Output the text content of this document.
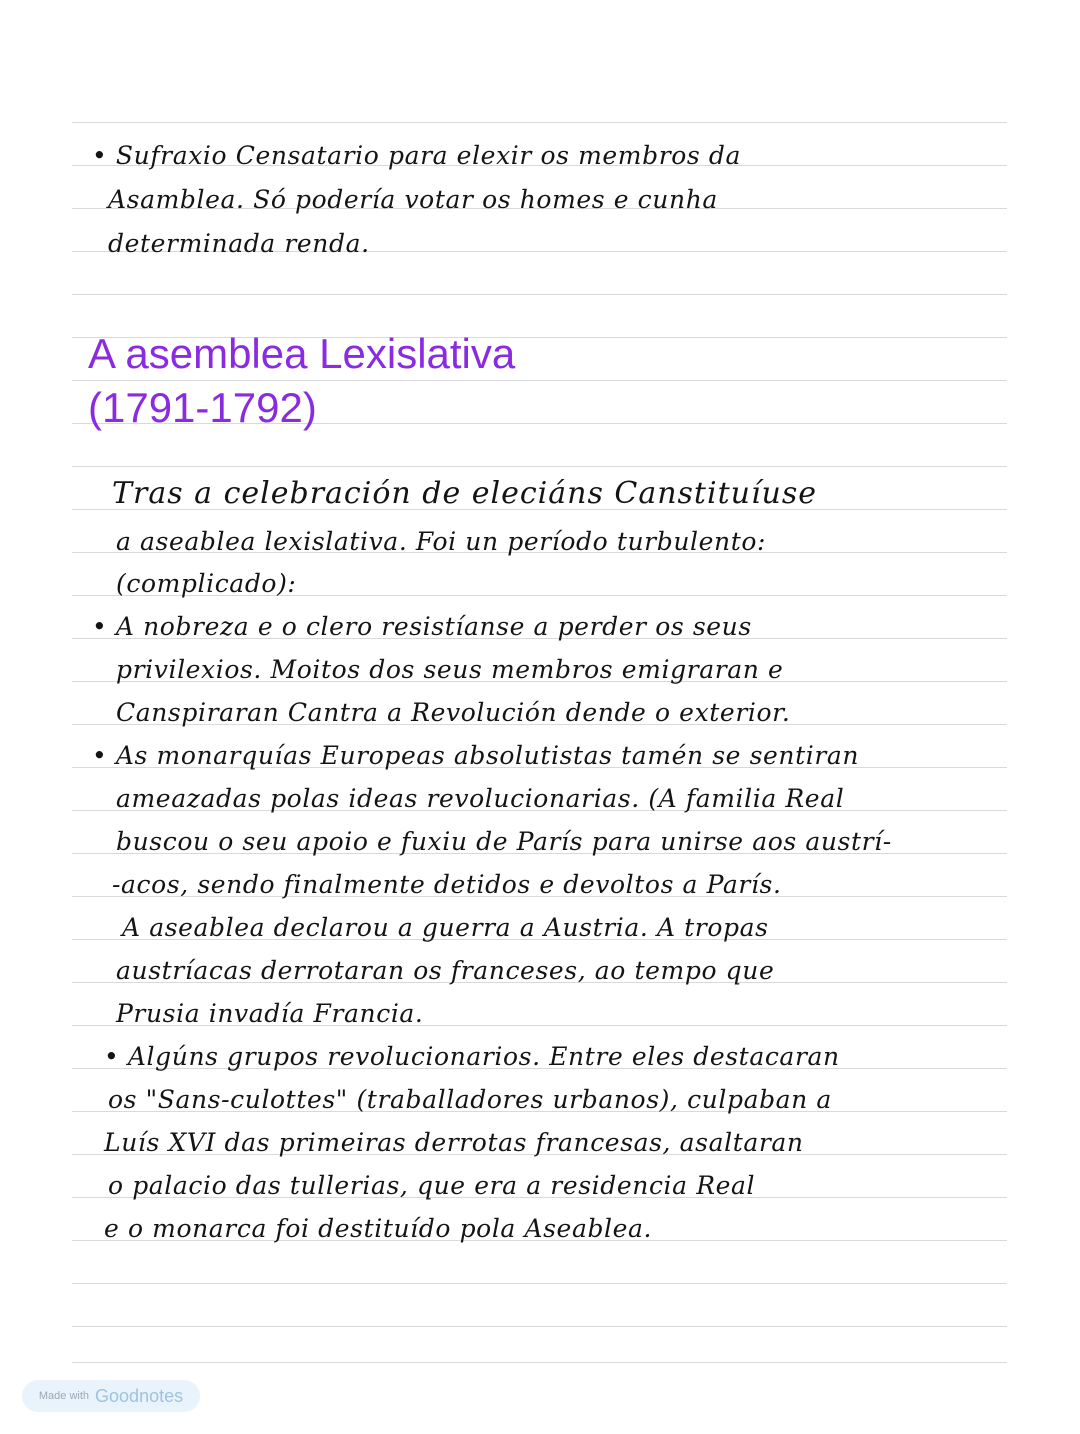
• Sufraxio Censatario para elexir os membros da
Asamblea. Só podería votar os homes e cunha
determinada renda.
A asemblea Lexislativa
(1791-1792)
Tras a celebración de eleciáns Canstituíuse
a aseablea lexislativa. Foi un período turbulento:
(complicado):
• A nobreza e o clero resistíanse a perder os seus
privilexios. Moitos dos seus membros emigraran e
Canspiraran Cantra a Revolución dende o exterior.
• As monarquías Europeas absolutistas tamén se sentiran
ameazadas polas ideas revolucionarias. (A familia Real
buscou o seu apoio e fuxiu de París para unirse aos austrí-
-acos, sendo finalmente detidos e devoltos a París.
A aseablea declarou a guerra a Austria. A tropas
austríacas derrotaran os franceses, ao tempo que
Prusia invadía Francia.
• Algúns grupos revolucionarios. Entre eles destacaran
os "Sans-culottes" (traballadores urbanos), culpaban a
Luís XVI das primeiras derrotas francesas, asaltaran
o palacio das tullerias, que era a residencia Real
e o monarca foi destituído pola Aseablea.
Made with Goodnotes
